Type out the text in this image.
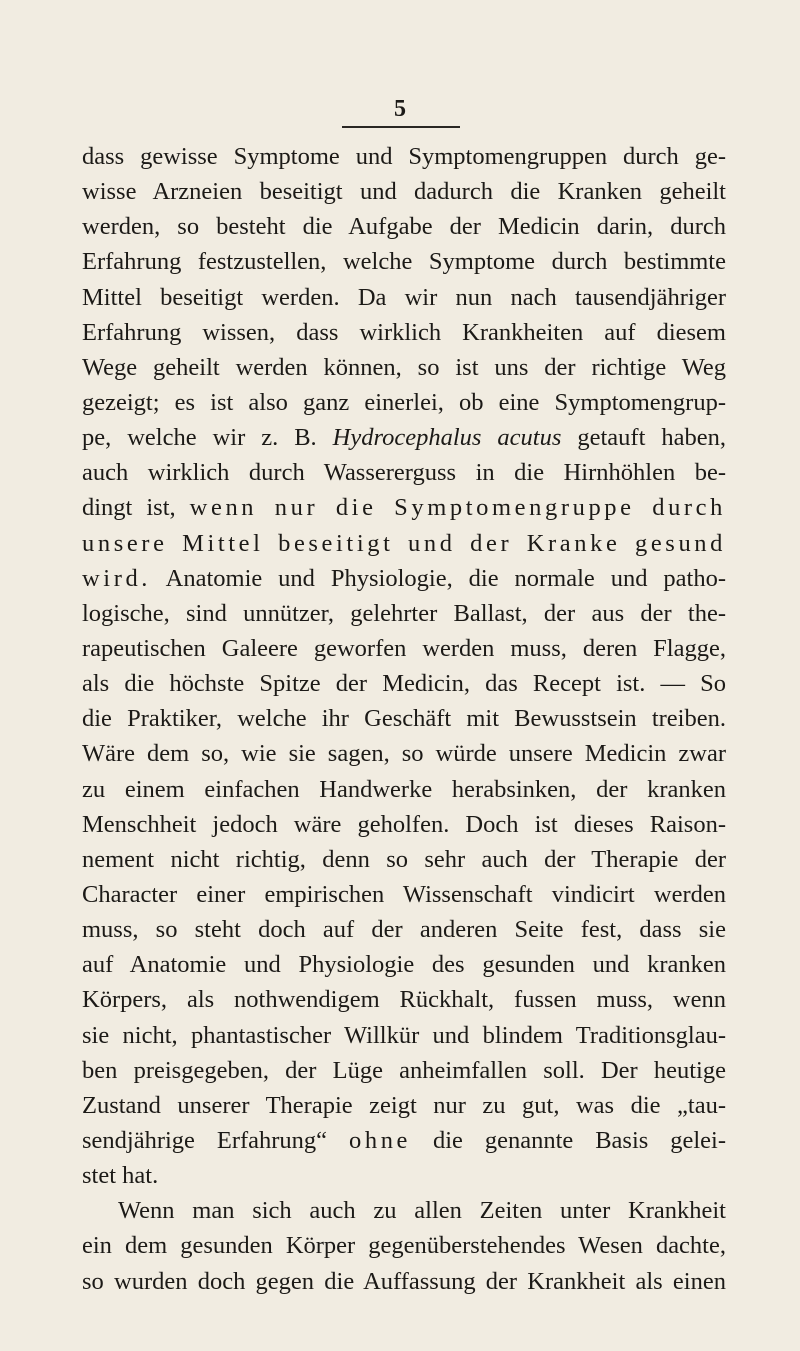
5
dass gewisse Symptome und Symptomengruppen durch ge-
wisse Arzneien beseitigt und dadurch die Kranken geheilt
werden, so besteht die Aufgabe der Medicin darin, durch
Erfahrung festzustellen, welche Symptome durch bestimmte
Mittel beseitigt werden. Da wir nun nach tausendjähriger
Erfahrung wissen, dass wirklich Krankheiten auf diesem
Wege geheilt werden können, so ist uns der richtige Weg
gezeigt; es ist also ganz einerlei, ob eine Symptomengrup-
pe, welche wir z. B. Hydrocephalus acutus getauft haben,
auch wirklich durch Wassererguss in die Hirnhöhlen be-
dingt ist, wenn nur die Symptomengruppe durch
unsere Mittel beseitigt und der Kranke gesund
wird. Anatomie und Physiologie, die normale und patho-
logische, sind unnützer, gelehrter Ballast, der aus der the-
rapeutischen Galeere geworfen werden muss, deren Flagge,
als die höchste Spitze der Medicin, das Recept ist. — So
die Praktiker, welche ihr Geschäft mit Bewusstsein treiben.
Wäre dem so, wie sie sagen, so würde unsere Medicin zwar
zu einem einfachen Handwerke herabsinken, der kranken
Menschheit jedoch wäre geholfen. Doch ist dieses Raison-
nement nicht richtig, denn so sehr auch der Therapie der
Character einer empirischen Wissenschaft vindicirt werden
muss, so steht doch auf der anderen Seite fest, dass sie
auf Anatomie und Physiologie des gesunden und kranken
Körpers, als nothwendigem Rückhalt, fussen muss, wenn
sie nicht, phantastischer Willkür und blindem Traditionsglau-
ben preisgegeben, der Lüge anheimfallen soll. Der heutige
Zustand unserer Therapie zeigt nur zu gut, was die „tau-
sendjährige Erfahrung“ ohne die genannte Basis gelei-
stet hat.
Wenn man sich auch zu allen Zeiten unter Krankheit
ein dem gesunden Körper gegenüberstehendes Wesen dachte,
so wurden doch gegen die Auffassung der Krankheit als einen
